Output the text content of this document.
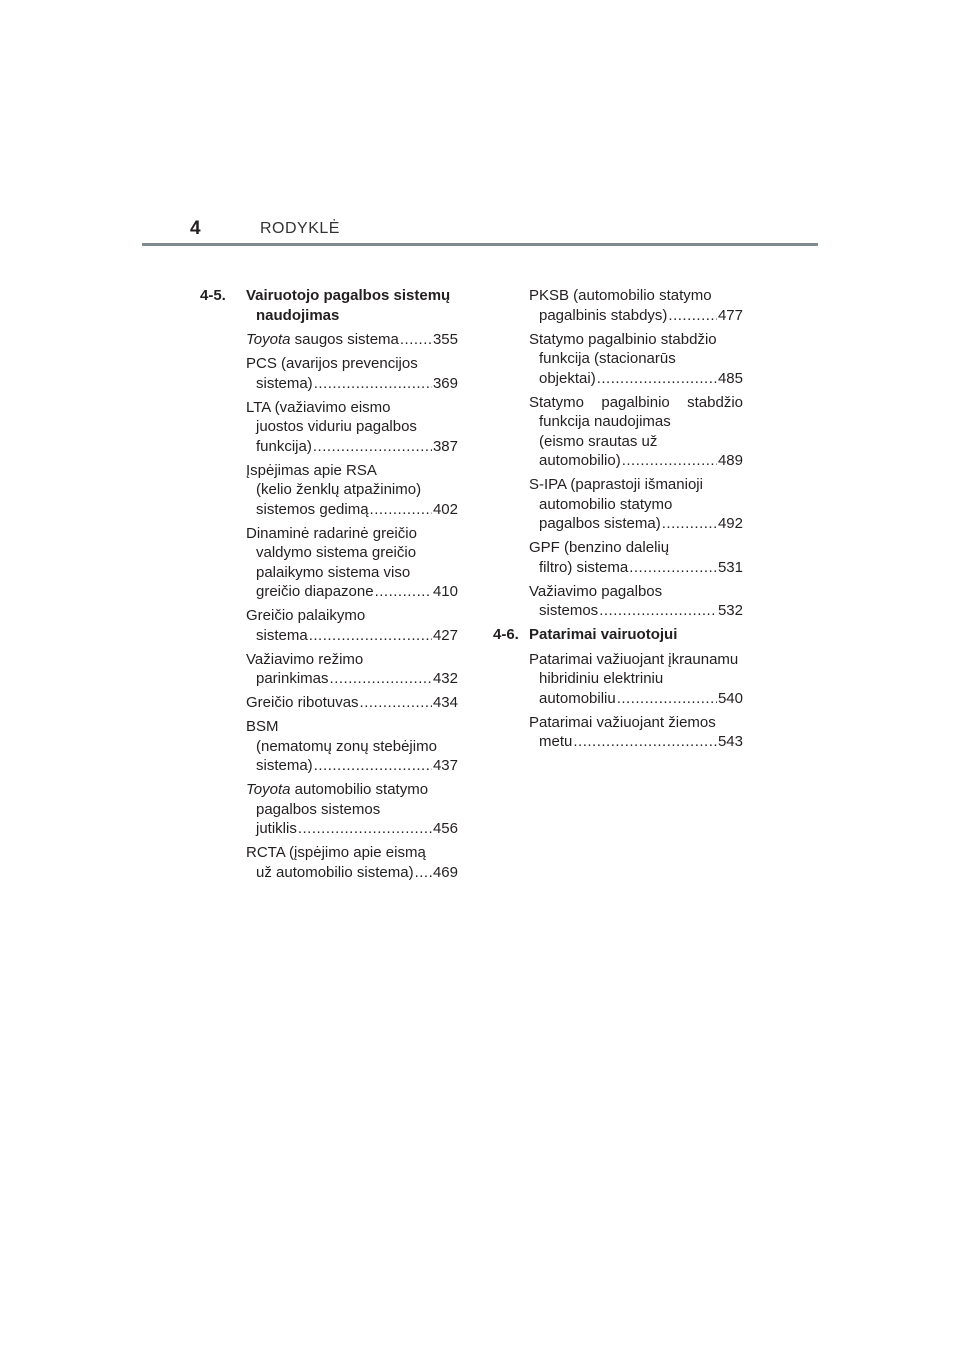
4	RODYKLĖ
4-5.	Vairuotojo pagalbos sistemų
naudojimas
Toyota saugos sistema ..... 355
PCS (avarijos prevencijos
sistema) .....	369
LTA (važiavimo eismo
juostos viduriu pagalbos
funkcija) .....	387
Įspėjimas apie RSA
(kelio ženklų atpažinimo)
sistemos gedimą .....	402
Dinaminė radarinė greičio
valdymo sistema greičio
palaikymo sistema viso
greičio diapazone .....	410
Greičio palaikymo
sistema .....	427
Važiavimo režimo
parinkimas .....	432
Greičio ribotuvas .....	434
BSM
(nematomų zonų stebėjimo
sistema) .....	437
Toyota automobilio statymo
pagalbos sistemos
jutiklis .....	456
RCTA (įspėjimo apie eismą
už automobilio sistema) ..... 469
PKSB (automobilio statymo
pagalbinis stabdys) .....	477
Statymo pagalbinio stabdžio
funkcija (stacionarūs
objektai) .....	485
Statymo pagalbinio stabdžio
funkcija naudojimas
(eismo srautas už
automobilio) .....	489
S-IPA (paprastoji išmanioji
automobilio statymo
pagalbos sistema) .....	492
GPF (benzino dalelių
filtro) sistema .....	531
Važiavimo pagalbos
sistemos .....	532
4-6. Patarimai vairuotojui
Patarimai važiuojant įkraunamu
hibridiniu elektriniu
automobiliu .....	540
Patarimai važiuojant žiemos
metu .....	543
